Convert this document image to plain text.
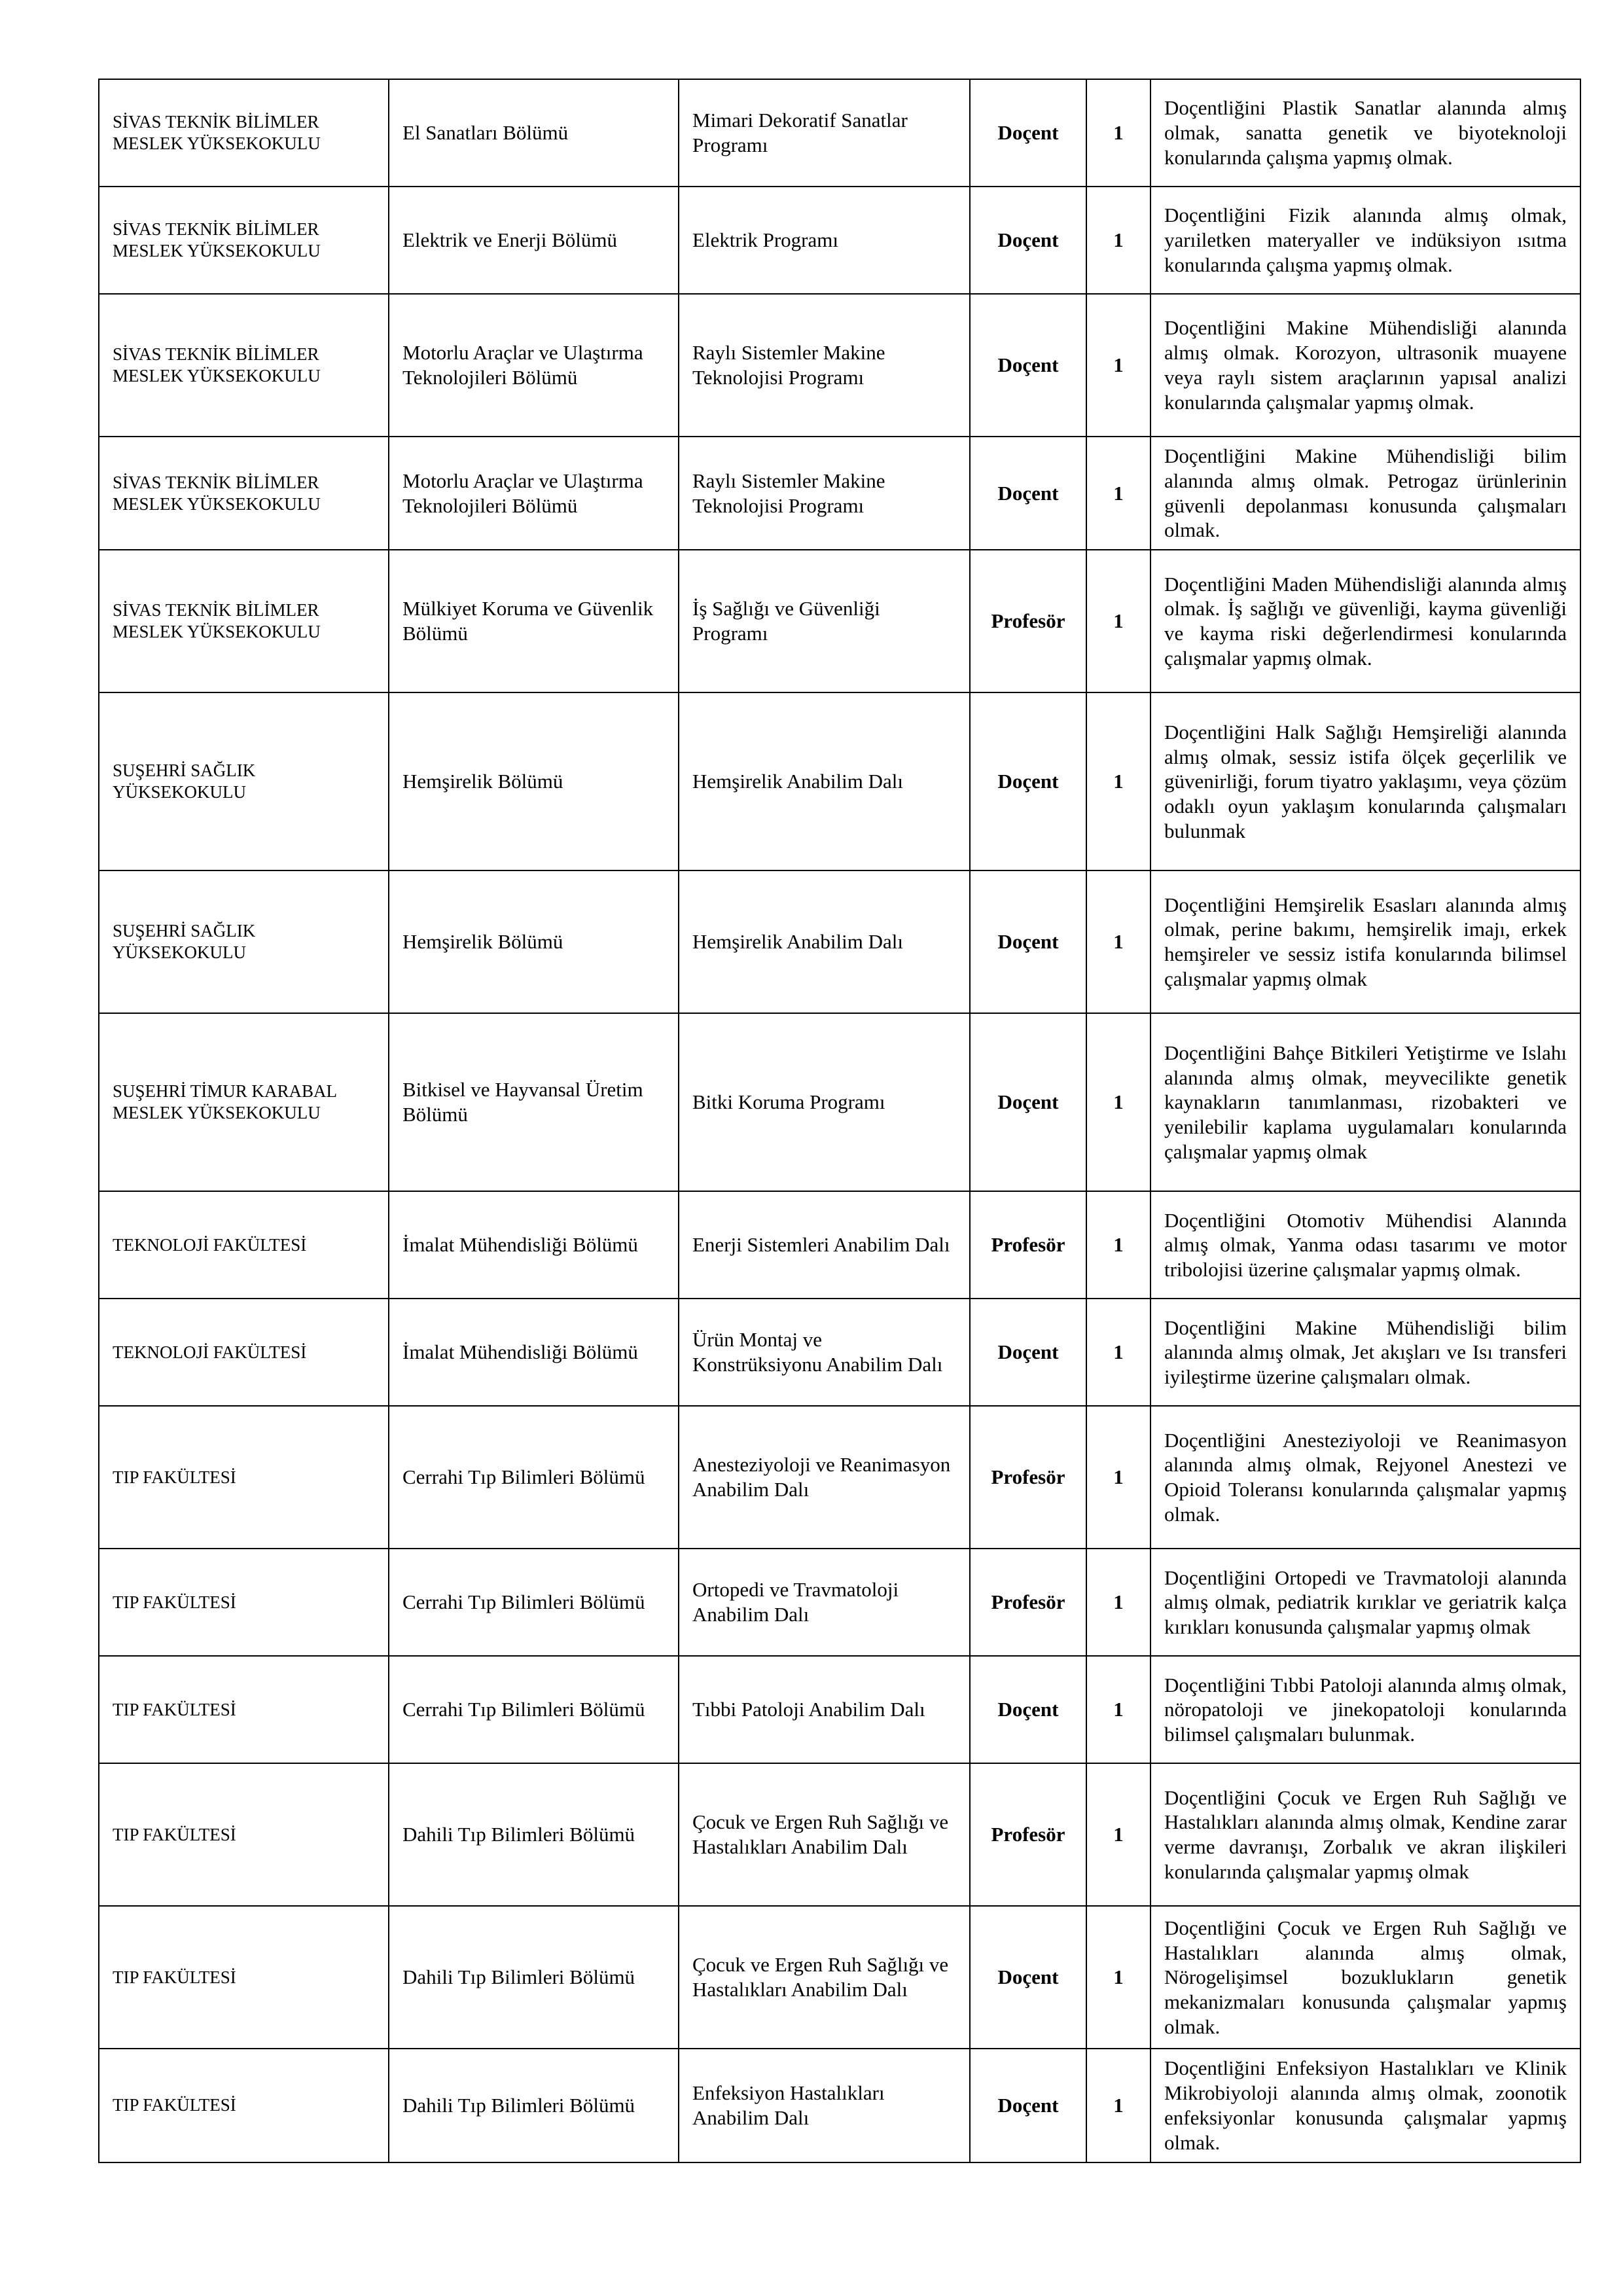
SİVAS TEKNİK BİLİMLER MESLEK YÜKSEKOKULU	El Sanatları Bölümü	Mimari Dekoratif Sanatlar Programı	Doçent	1	Doçentliğini Plastik Sanatlar alanında almış olmak, sanatta genetik ve biyoteknoloji konularında çalışma yapmış olmak.

SİVAS TEKNİK BİLİMLER MESLEK YÜKSEKOKULU	Elektrik ve Enerji Bölümü	Elektrik Programı	Doçent	1	Doçentliğini Fizik alanında almış olmak, yarıiletken materyaller ve indüksiyon ısıtma konularında çalışma yapmış olmak.

SİVAS TEKNİK BİLİMLER MESLEK YÜKSEKOKULU	Motorlu Araçlar ve Ulaştırma Teknolojileri Bölümü	Raylı Sistemler Makine Teknolojisi Programı	Doçent	1	Doçentliğini Makine Mühendisliği alanında almış olmak. Korozyon, ultrasonik muayene veya raylı sistem araçlarının yapısal analizi konularında çalışmalar yapmış olmak.

SİVAS TEKNİK BİLİMLER MESLEK YÜKSEKOKULU	Motorlu Araçlar ve Ulaştırma Teknolojileri Bölümü	Raylı Sistemler Makine Teknolojisi Programı	Doçent	1	Doçentliğini Makine Mühendisliği bilim alanında almış olmak. Petrogaz ürünlerinin güvenli depolanması konusunda çalışmaları olmak.

SİVAS TEKNİK BİLİMLER MESLEK YÜKSEKOKULU	Mülkiyet Koruma ve Güvenlik Bölümü	İş Sağlığı ve Güvenliği Programı	Profesör	1	Doçentliğini Maden Mühendisliği alanında almış olmak. İş sağlığı ve güvenliği, kayma güvenliği ve kayma riski değerlendirmesi konularında çalışmalar yapmış olmak.

SUŞEHRİ SAĞLIK YÜKSEKOKULU	Hemşirelik Bölümü	Hemşirelik Anabilim Dalı	Doçent	1	Doçentliğini Halk Sağlığı Hemşireliği alanında almış olmak, sessiz istifa ölçek geçerlilik ve güvenirliği, forum tiyatro yaklaşımı, veya çözüm odaklı oyun yaklaşım konularında çalışmaları bulunmak

SUŞEHRİ SAĞLIK YÜKSEKOKULU	Hemşirelik Bölümü	Hemşirelik Anabilim Dalı	Doçent	1	Doçentliğini Hemşirelik Esasları alanında almış olmak, perine bakımı, hemşirelik imajı, erkek hemşireler ve sessiz istifa konularında bilimsel çalışmalar yapmış olmak

SUŞEHRİ TİMUR KARABAL MESLEK YÜKSEKOKULU	Bitkisel ve Hayvansal Üretim Bölümü	Bitki Koruma Programı	Doçent	1	Doçentliğini Bahçe Bitkileri Yetiştirme ve Islahı alanında almış olmak, meyvecilikte genetik kaynakların tanımlanması, rizobakteri ve yenilebilir kaplama uygulamaları konularında çalışmalar yapmış olmak

TEKNOLOJİ FAKÜLTESİ	İmalat Mühendisliği Bölümü	Enerji Sistemleri Anabilim Dalı	Profesör	1	Doçentliğini Otomotiv Mühendisi Alanında almış olmak, Yanma odası tasarımı ve motor tribolojisi üzerine çalışmalar yapmış olmak.

TEKNOLOJİ FAKÜLTESİ	İmalat Mühendisliği Bölümü	Ürün Montaj ve Konstrüksiyonu Anabilim Dalı	Doçent	1	Doçentliğini Makine Mühendisliği bilim alanında almış olmak, Jet akışları ve Isı transferi iyileştirme üzerine çalışmaları olmak.

TIP FAKÜLTESİ	Cerrahi Tıp Bilimleri Bölümü	Anesteziyoloji ve Reanimasyon Anabilim Dalı	Profesör	1	Doçentliğini Anesteziyoloji ve Reanimasyon alanında almış olmak, Rejyonel Anestezi ve Opioid Toleransı konularında çalışmalar yapmış olmak.

TIP FAKÜLTESİ	Cerrahi Tıp Bilimleri Bölümü	Ortopedi ve Travmatoloji Anabilim Dalı	Profesör	1	Doçentliğini Ortopedi ve Travmatoloji alanında almış olmak, pediatrik kırıklar ve geriatrik kalça kırıkları konusunda çalışmalar yapmış olmak

TIP FAKÜLTESİ	Cerrahi Tıp Bilimleri Bölümü	Tıbbi Patoloji Anabilim Dalı	Doçent	1	Doçentliğini Tıbbi Patoloji alanında almış olmak, nöropatoloji ve jinekopatoloji konularında bilimsel çalışmaları bulunmak.

TIP FAKÜLTESİ	Dahili Tıp Bilimleri Bölümü	Çocuk ve Ergen Ruh Sağlığı ve Hastalıkları Anabilim Dalı	Profesör	1	Doçentliğini Çocuk ve Ergen Ruh Sağlığı ve Hastalıkları alanında almış olmak, Kendine zarar verme davranışı, Zorbalık ve akran ilişkileri konularında çalışmalar yapmış olmak

TIP FAKÜLTESİ	Dahili Tıp Bilimleri Bölümü	Çocuk ve Ergen Ruh Sağlığı ve Hastalıkları Anabilim Dalı	Doçent	1	Doçentliğini Çocuk ve Ergen Ruh Sağlığı ve Hastalıkları alanında almış olmak, Nörogelişimsel bozuklukların genetik mekanizmaları konusunda çalışmalar yapmış olmak.

TIP FAKÜLTESİ	Dahili Tıp Bilimleri Bölümü	Enfeksiyon Hastalıkları Anabilim Dalı	Doçent	1	Doçentliğini Enfeksiyon Hastalıkları ve Klinik Mikrobiyoloji alanında almış olmak, zoonotik enfeksiyonlar konusunda çalışmalar yapmış olmak.
